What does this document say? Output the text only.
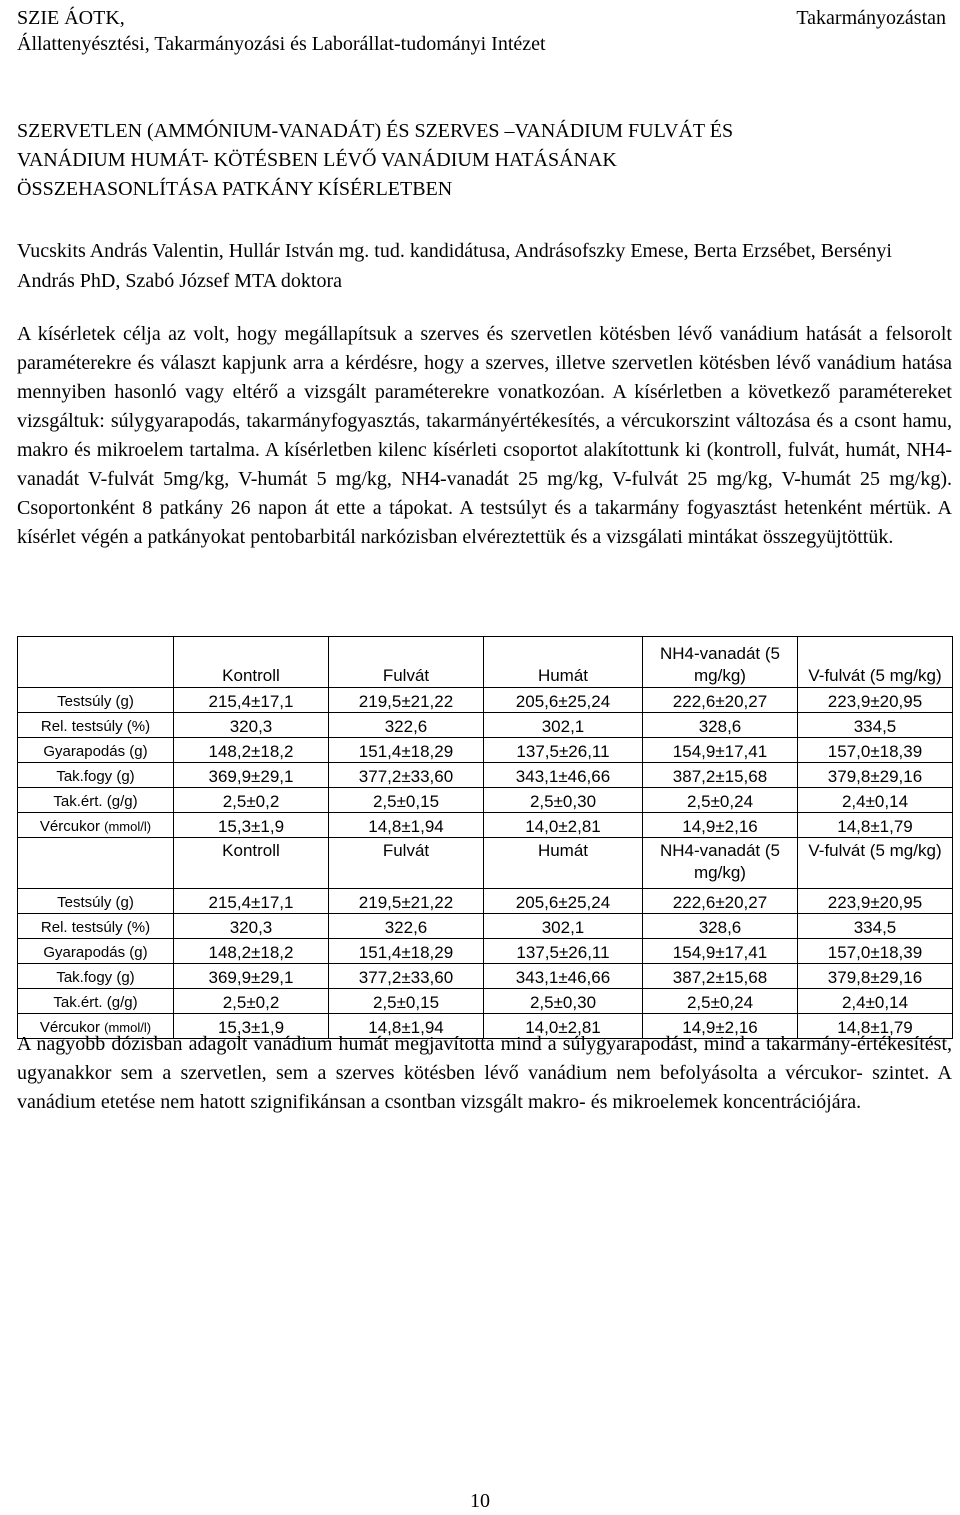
SZIE ÁOTK,
Állattenyésztési, Takarmányozási és Laborállat-tudományi Intézet
Takarmányozástan
SZERVETLEN (AMMÓNIUM-VANADÁT) ÉS SZERVES –VANÁDIUM FULVÁT ÉS
VANÁDIUM HUMÁT- KÖTÉSBEN LÉVŐ VANÁDIUM HATÁSÁNAK
ÖSSZEHASONLÍTÁSA PATKÁNY KÍSÉRLETBEN
Vucskits András Valentin, Hullár István mg. tud. kandidátusa, Andrásofszky Emese, Berta Erzsébet, Bersényi András PhD, Szabó József MTA doktora
A kísérletek célja az volt, hogy megállapítsuk a szerves és szervetlen kötésben lévő vanádium hatását a felsorolt paraméterekre és választ kapjunk arra a kérdésre, hogy a szerves, illetve szervetlen kötésben lévő vanádium hatása mennyiben hasonló vagy eltérő a vizsgált paraméterekre vonatkozóan. A kísérletben a következő paramétereket vizsgáltuk: súlygyarapodás, takarmányfogyasztás, takarmányértékesítés, a vércukorszint változása és a csont hamu, makro és mikroelem tartalma. A kísérletben kilenc kísérleti csoportot alakítottunk ki (kontroll, fulvát, humát, NH4-vanadát V-fulvát 5mg/kg, V-humát 5 mg/kg, NH4-vanadát 25 mg/kg, V-fulvát 25 mg/kg, V-humát 25 mg/kg). Csoportonként 8 patkány 26 napon át ette a tápokat. A testsúlyt és a takarmány fogyasztást hetenként mértük. A kísérlet végén a patkányokat pentobarbitál narkózisban elvéreztettük és a vizsgálati mintákat összegyüjtöttük.
	Kontroll	Fulvát	Humát	NH4-vanadát (5 mg/kg)	V-fulvát (5 mg/kg)
Testsúly (g)	215,4±17,1	219,5±21,22	205,6±25,24	222,6±20,27	223,9±20,95
Rel. testsúly (%)	320,3	322,6	302,1	328,6	334,5
Gyarapodás (g)	148,2±18,2	151,4±18,29	137,5±26,11	154,9±17,41	157,0±18,39
Tak.fogy (g)	369,9±29,1	377,2±33,60	343,1±46,66	387,2±15,68	379,8±29,16
Tak.ért. (g/g)	2,5±0,2	2,5±0,15	2,5±0,30	2,5±0,24	2,4±0,14
Vércukor (mmol/l)	15,3±1,9	14,8±1,94	14,0±2,81	14,9±2,16	14,8±1,79
	Kontroll	Fulvát	Humát	NH4-vanadát (5 mg/kg)	V-fulvát (5 mg/kg)
Testsúly (g)	215,4±17,1	219,5±21,22	205,6±25,24	222,6±20,27	223,9±20,95
Rel. testsúly (%)	320,3	322,6	302,1	328,6	334,5
Gyarapodás (g)	148,2±18,2	151,4±18,29	137,5±26,11	154,9±17,41	157,0±18,39
Tak.fogy (g)	369,9±29,1	377,2±33,60	343,1±46,66	387,2±15,68	379,8±29,16
Tak.ért. (g/g)	2,5±0,2	2,5±0,15	2,5±0,30	2,5±0,24	2,4±0,14
Vércukor (mmol/l)	15,3±1,9	14,8±1,94	14,0±2,81	14,9±2,16	14,8±1,79
A nagyobb dózisban adagolt vanádium humát megjavította mind a súlygyarapodást, mind a takarmány-értékesítést, ugyanakkor sem a szervetlen, sem a szerves kötésben lévő vanádium nem befolyásolta a vércukor- szintet. A vanádium etetése nem hatott szignifikánsan a csontban vizsgált makro- és mikroelemek koncentrációjára.
10
